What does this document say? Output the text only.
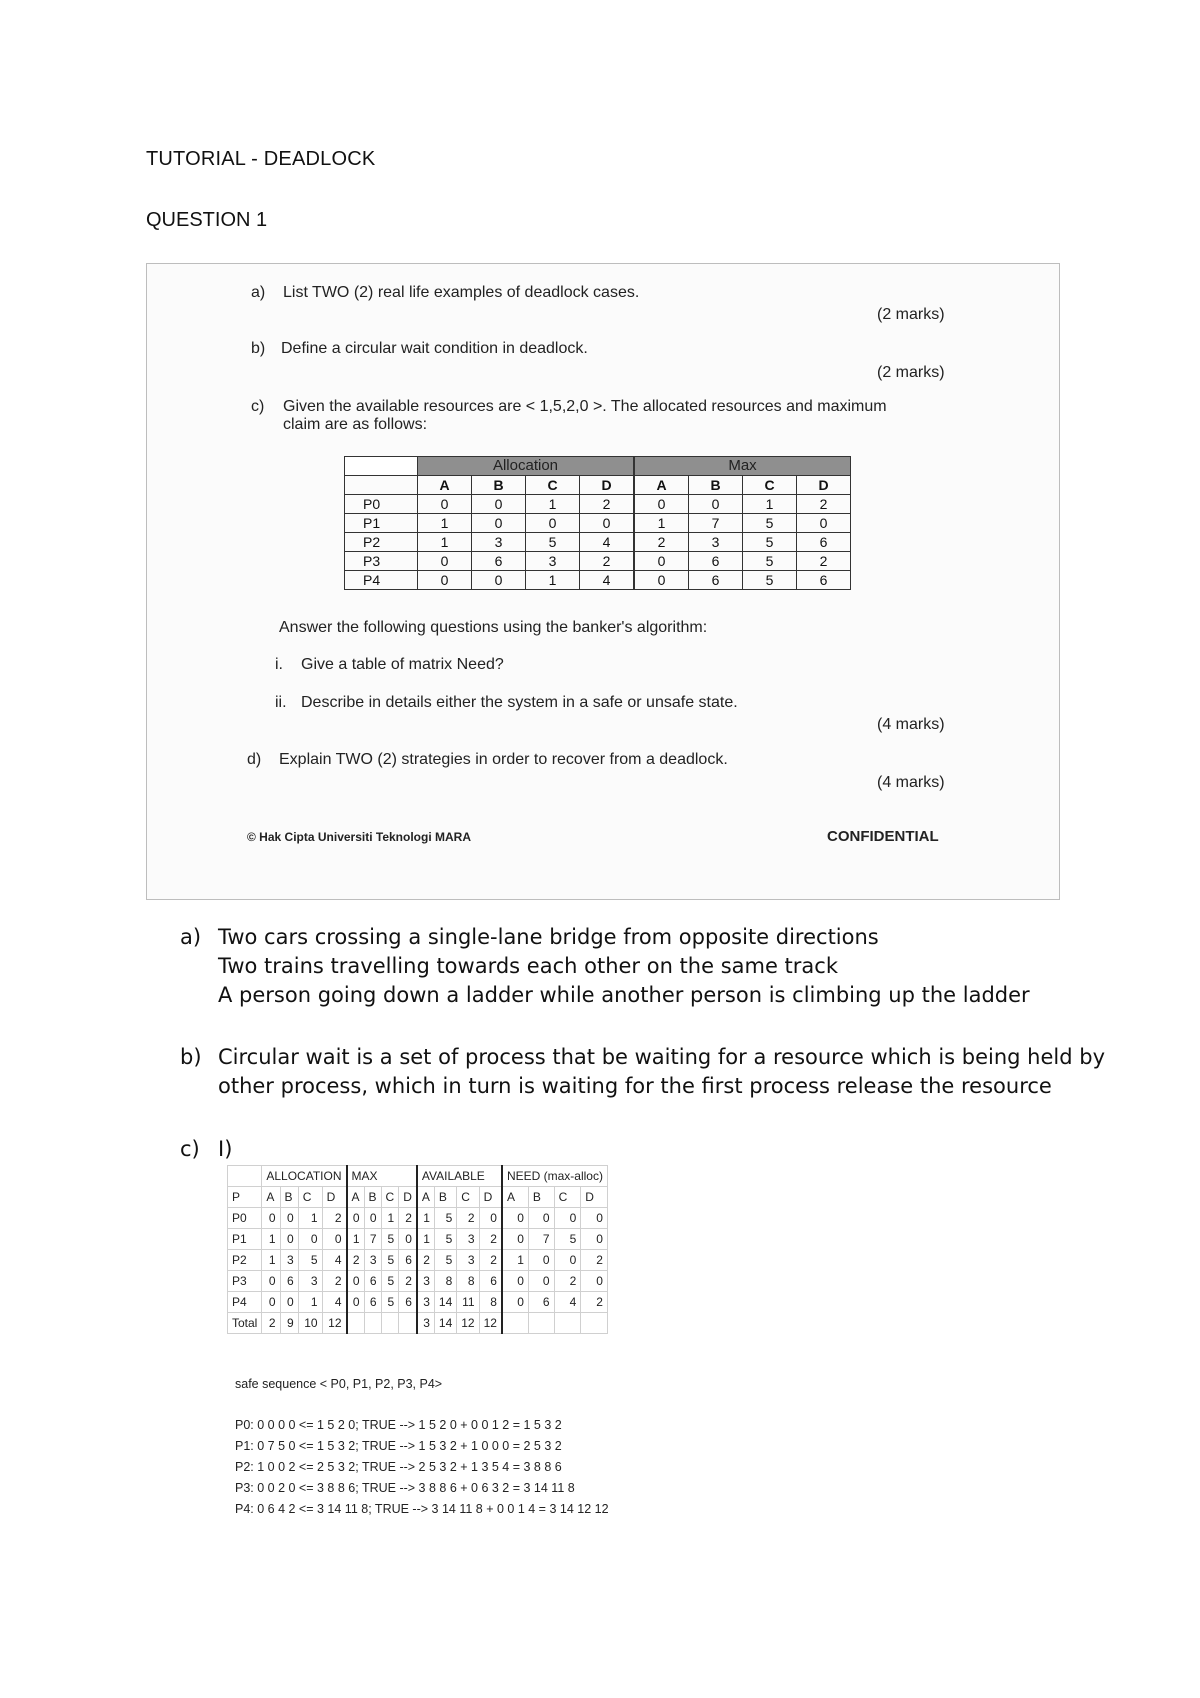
TUTORIAL - DEADLOCK
QUESTION 1
a) List TWO (2) real life examples of deadlock cases.
(2 marks)
b) Define a circular wait condition in deadlock.
(2 marks)
c) Given the available resources are < 1,5,2,0 >. The allocated resources and maximum
claim are as follows:
	Allocation				Max			
	A	B	C	D	A	B	C	D
P0	0	0	1	2	0	0	1	2
P1	1	0	0	0	1	7	5	0
P2	1	3	5	4	2	3	5	6
P3	0	6	3	2	0	6	5	2
P4	0	0	1	4	0	6	5	6
Answer the following questions using the banker's algorithm:
i. Give a table of matrix Need?
ii. Describe in details either the system in a safe or unsafe state.
(4 marks)
d) Explain TWO (2) strategies in order to recover from a deadlock.
(4 marks)
© Hak Cipta Universiti Teknologi MARA	CONFIDENTIAL
a) Two cars crossing a single-lane bridge from opposite directions
Two trains travelling towards each other on the same track
A person going down a ladder while another person is climbing up the ladder
b) Circular wait is a set of process that be waiting for a resource which is being held by
other process, which in turn is waiting for the first process release the resource
c) I)
	ALLOCATION				MAX				AVAILABLE				NEED (max-alloc)			
P	A	B	C	D	A	B	C	D	A	B	C	D	A	B	C	D
P0	0	0	1	2	0	0	1	2	1	5	2	0	0	0	0	0
P1	1	0	0	0	1	7	5	0	1	5	3	2	0	7	5	0
P2	1	3	5	4	2	3	5	6	2	5	3	2	1	0	0	2
P3	0	6	3	2	0	6	5	2	3	8	8	6	0	0	2	0
P4	0	0	1	4	0	6	5	6	3	14	11	8	0	6	4	2
Total	2	9	10	12					3	14	12	12				
safe sequence < P0, P1, P2, P3, P4>
P0: 0 0 0 0 <= 1 5 2 0; TRUE --> 1 5 2 0 + 0 0 1 2 = 1 5 3 2
P1: 0 7 5 0 <= 1 5 3 2; TRUE --> 1 5 3 2 + 1 0 0 0 = 2 5 3 2
P2: 1 0 0 2 <= 2 5 3 2; TRUE --> 2 5 3 2 + 1 3 5 4 = 3 8 8 6
P3: 0 0 2 0 <= 3 8 8 6; TRUE --> 3 8 8 6 + 0 6 3 2 = 3 14 11 8
P4: 0 6 4 2 <= 3 14 11 8; TRUE --> 3 14 11 8 + 0 0 1 4 = 3 14 12 12
